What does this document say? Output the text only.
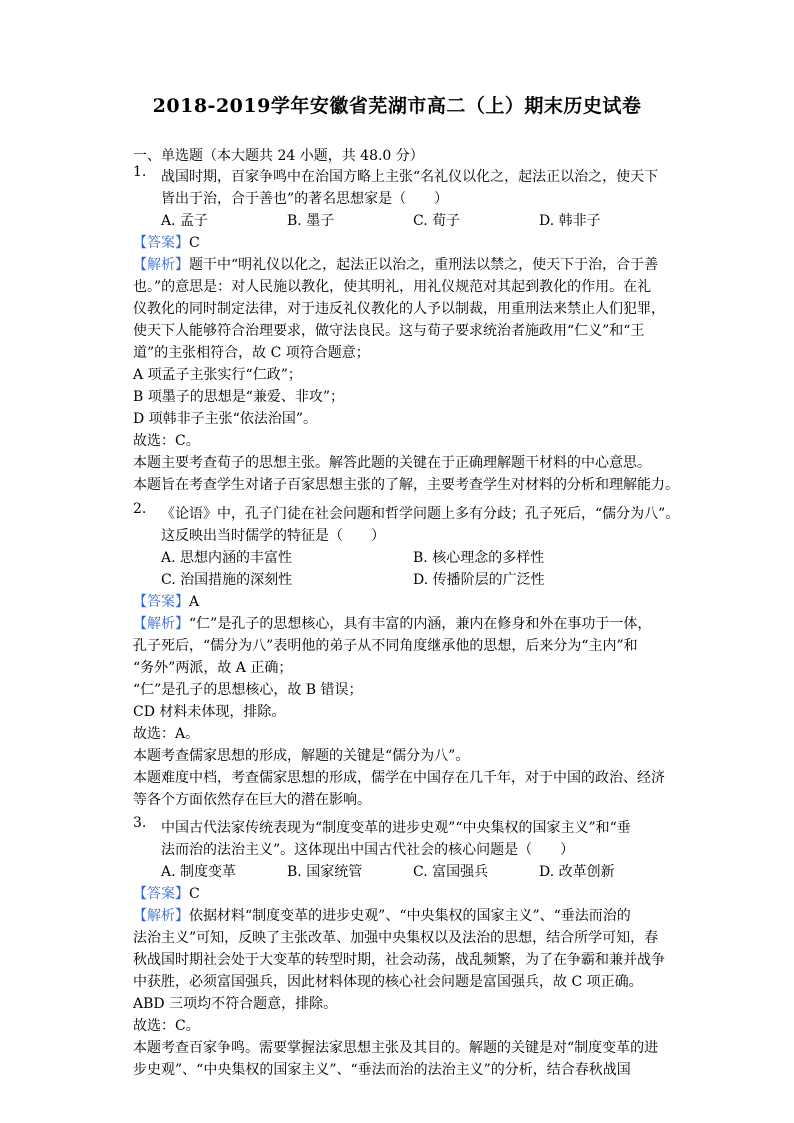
2018-2019学年安徽省芜湖市高二（上）期末历史试卷
一、单选题（本大题共 24 小题，共 48.0 分）
1. 战国时期，百家争鸣中在治国方略上主张“名礼仪以化之，起法正以治之，使天下
皆出于治，合于善也”的著名思想家是（　　）
A. 孟子	B. 墨子	C. 荀子	D. 韩非子
【答案】C
【解析】题干中“明礼仪以化之，起法正以治之，重刑法以禁之，使天下于治，合于善
也。”的意思是：对人民施以教化，使其明礼，用礼仪规范对其起到教化的作用。在礼
仪教化的同时制定法律，对于违反礼仪教化的人予以制裁，用重刑法来禁止人们犯罪，
使天下人能够符合治理要求，做守法良民。这与荀子要求统治者施政用“仁义”和“王
道”的主张相符合，故 C 项符合题意；
A 项孟子主张实行“仁政”；
B 项墨子的思想是“兼爱、非攻”；
D 项韩非子主张“依法治国”。
故选：C。
本题主要考查荀子的思想主张。解答此题的关键在于正确理解题干材料的中心意思。
本题旨在考查学生对诸子百家思想主张的了解，主要考查学生对材料的分析和理解能力。
2. 《论语》中，孔子门徒在社会问题和哲学问题上多有分歧；孔子死后，“儒分为八”。
这反映出当时儒学的特征是（　　）
A. 思想内涵的丰富性	B. 核心理念的多样性
C. 治国措施的深刻性	D. 传播阶层的广泛性
【答案】A
【解析】“仁”是孔子的思想核心，具有丰富的内涵，兼内在修身和外在事功于一体，
孔子死后，“儒分为八”表明他的弟子从不同角度继承他的思想，后来分为“主内”和
“务外”两派，故 A 正确；
“仁”是孔子的思想核心，故 B 错误；
CD 材料未体现，排除。
故选：A。
本题考查儒家思想的形成，解题的关键是“儒分为八”。
本题难度中档，考查儒家思想的形成，儒学在中国存在几千年，对于中国的政治、经济
等各个方面依然存在巨大的潜在影响。
3. 中国古代法家传统表现为“制度变革的进步史观”“中央集权的国家主义”和“垂
法而治的法治主义”。这体现出中国古代社会的核心问题是（　　）
A. 制度变革	B. 国家统管	C. 富国强兵	D. 改革创新
【答案】C
【解析】依据材料“制度变革的进步史观”、“中央集权的国家主义”、“垂法而治的
法治主义”可知，反映了主张改革、加强中央集权以及法治的思想，结合所学可知，春
秋战国时期社会处于大变革的转型时期，社会动荡，战乱频繁，为了在争霸和兼并战争
中获胜，必须富国强兵，因此材料体现的核心社会问题是富国强兵，故 C 项正确。
ABD 三项均不符合题意，排除。
故选：C。
本题考查百家争鸣。需要掌握法家思想主张及其目的。解题的关键是对“制度变革的进
步史观”、“中央集权的国家主义”、“垂法而治的法治主义”的分析，结合春秋战国
